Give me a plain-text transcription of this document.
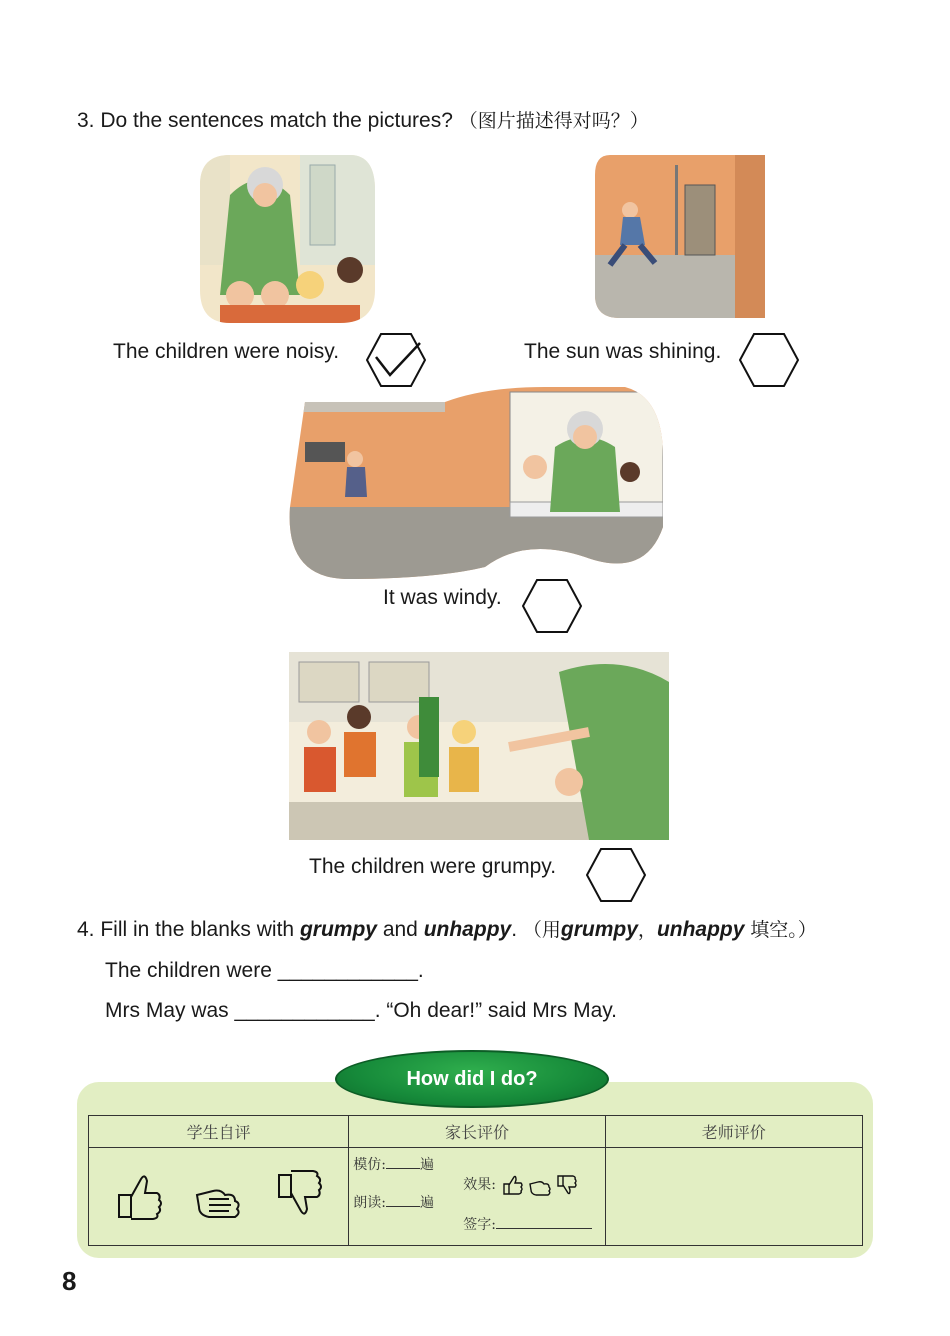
3. Do the sentences match the pictures? （图片描述得对吗？）
The children were noisy.	The sun was shining.
It was windy.
The children were grumpy.
4. Fill in the blanks with grumpy and unhappy. （用grumpy，unhappy 填空。）
The children were ____________.
Mrs May was ____________. “Oh dear!” said Mrs May.
How did I do?
学生自评	家长评价	老师评价

模仿: 遍
朗读: 遍
效果:
签字:	

8
